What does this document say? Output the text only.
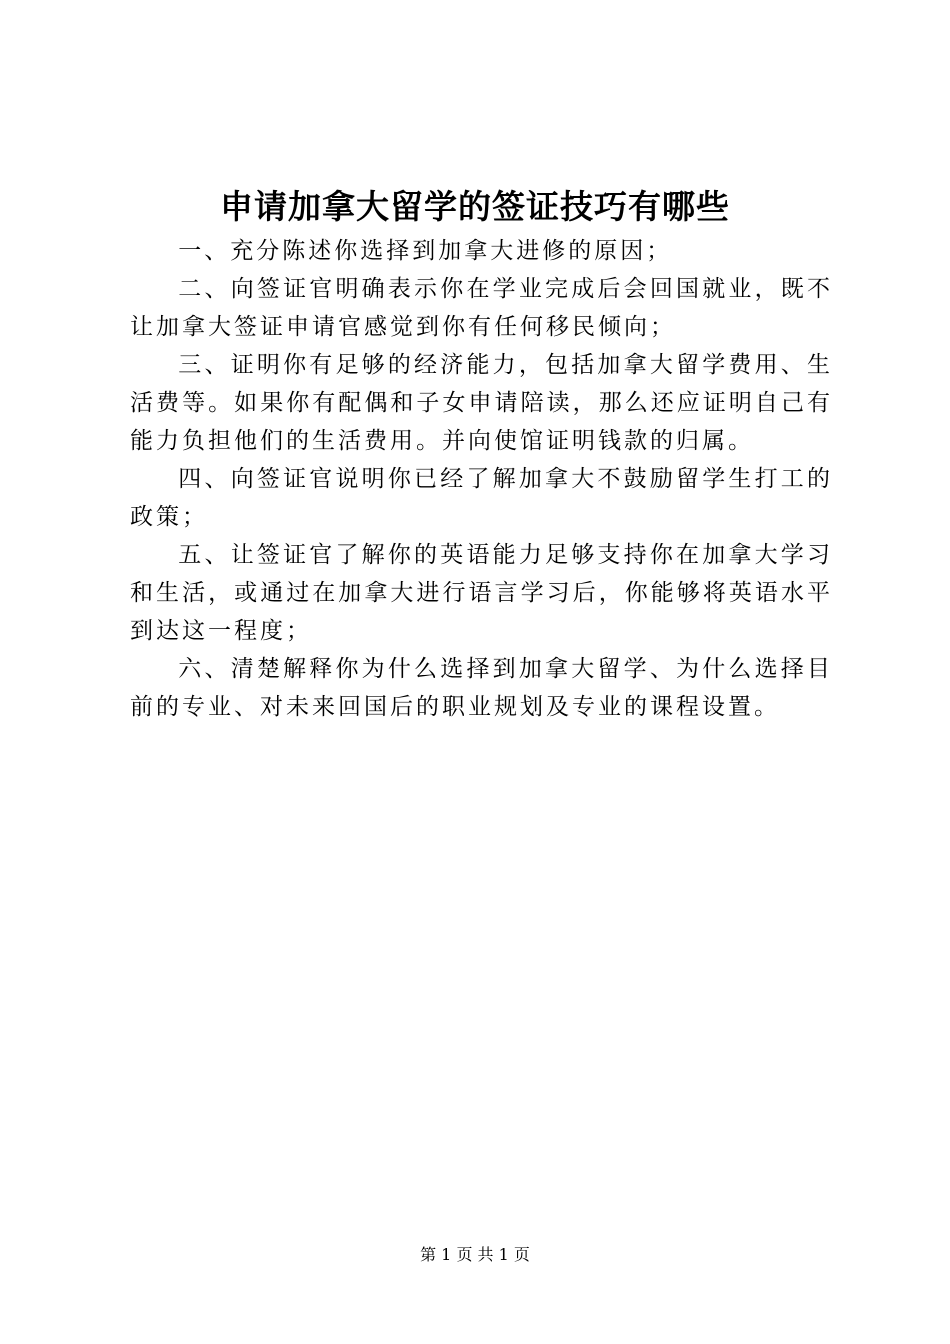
申请加拿大留学的签证技巧有哪些

一、充分陈述你选择到加拿大进修的原因；

二、向签证官明确表示你在学业完成后会回国就业，既不让加拿大签证申请官感觉到你有任何移民倾向；

三、证明你有足够的经济能力，包括加拿大留学费用、生活费等。如果你有配偶和子女申请陪读，那么还应证明自己有能力负担他们的生活费用。并向使馆证明钱款的归属。

四、向签证官说明你已经了解加拿大不鼓励留学生打工的政策；

五、让签证官了解你的英语能力足够支持你在加拿大学习和生活，或通过在加拿大进行语言学习后，你能够将英语水平到达这一程度；

六、清楚解释你为什么选择到加拿大留学、为什么选择目前的专业、对未来回国后的职业规划及专业的课程设置。

第 1 页 共 1 页
